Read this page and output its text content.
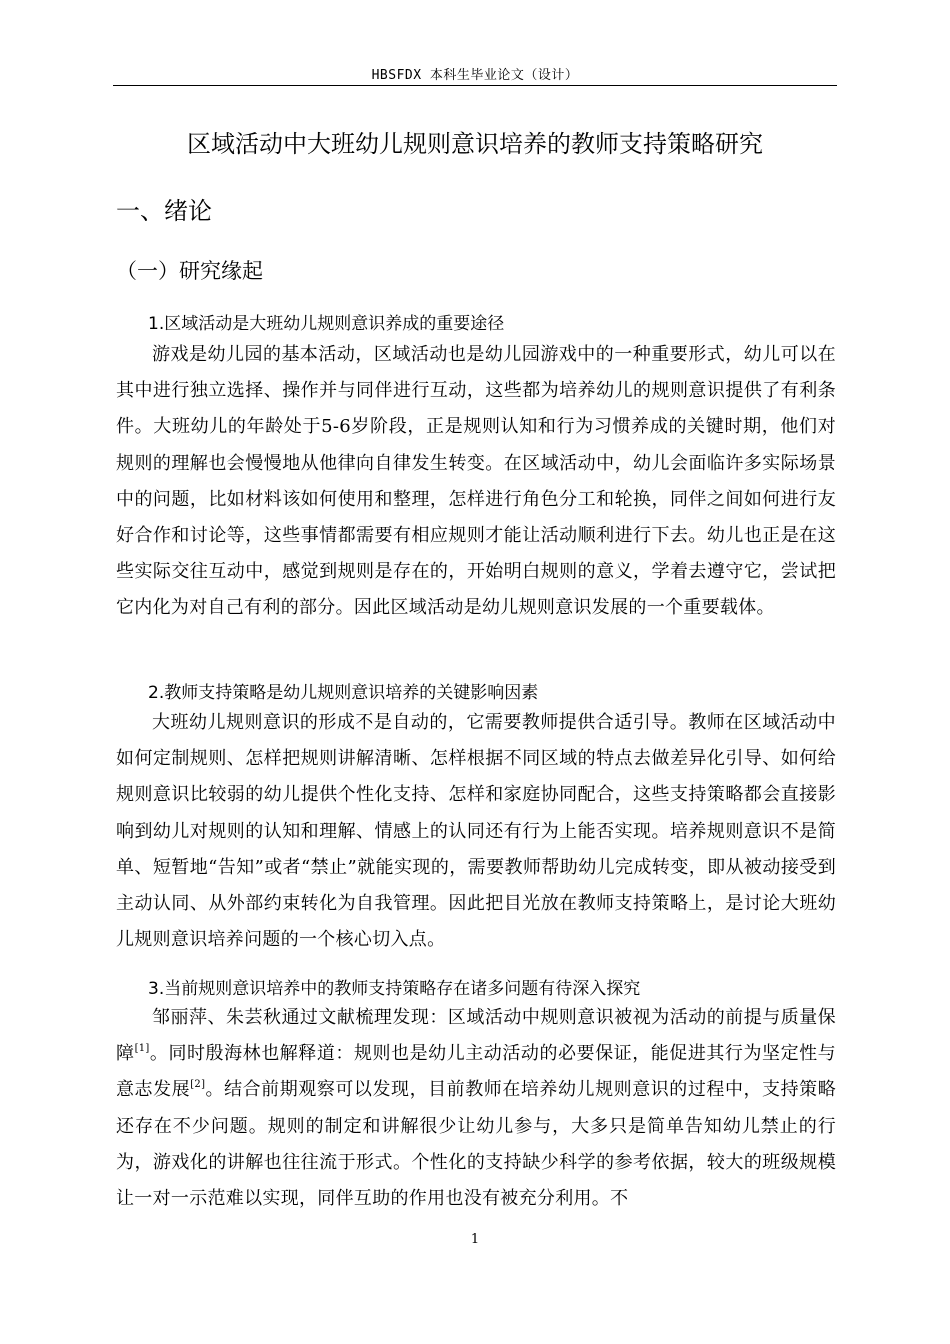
HBSFDX 本科生毕业论文（设计）
区域活动中大班幼儿规则意识培养的教师支持策略研究
一、绪论
（一）研究缘起
1.区域活动是大班幼儿规则意识养成的重要途径

游戏是幼儿园的基本活动，区域活动也是幼儿园游戏中的一种重要形式，幼儿可以在其中进行独立选择、操作并与同伴进行互动，这些都为培养幼儿的规则意识提供了有利条件。大班幼儿的年龄处于5-6岁阶段，正是规则认知和行为习惯养成的关键时期，他们对规则的理解也会慢慢地从他律向自律发生转变。在区域活动中，幼儿会面临许多实际场景中的问题，比如材料该如何使用和整理，怎样进行角色分工和轮换，同伴之间如何进行友好合作和讨论等，这些事情都需要有相应规则才能让活动顺利进行下去。幼儿也正是在这些实际交往互动中，感觉到规则是存在的，开始明白规则的意义，学着去遵守它，尝试把它内化为对自己有利的部分。因此区域活动是幼儿规则意识发展的一个重要载体。

2.教师支持策略是幼儿规则意识培养的关键影响因素

大班幼儿规则意识的形成不是自动的，它需要教师提供合适引导。教师在区域活动中如何定制规则、怎样把规则讲解清晰、怎样根据不同区域的特点去做差异化引导、如何给规则意识比较弱的幼儿提供个性化支持、怎样和家庭协同配合，这些支持策略都会直接影响到幼儿对规则的认知和理解、情感上的认同还有行为上能否实现。培养规则意识不是简单、短暂地“告知”或者“禁止”就能实现的，需要教师帮助幼儿完成转变，即从被动接受到主动认同、从外部约束转化为自我管理。因此把目光放在教师支持策略上，是讨论大班幼儿规则意识培养问题的一个核心切入点。

3.当前规则意识培养中的教师支持策略存在诸多问题有待深入探究

邹丽萍、朱芸秋通过文献梳理发现：区域活动中规则意识被视为活动的前提与质量保障[1]。同时殷海林也解释道：规则也是幼儿主动活动的必要保证，能促进其行为坚定性与意志发展[2]。结合前期观察可以发现，目前教师在培养幼儿规则意识的过程中，支持策略还存在不少问题。规则的制定和讲解很少让幼儿参与，大多只是简单告知幼儿禁止的行为，游戏化的讲解也往往流于形式。个性化的支持缺少科学的参考依据，较大的班级规模让一对一示范难以实现，同伴互助的作用也没有被充分利用。不

1
